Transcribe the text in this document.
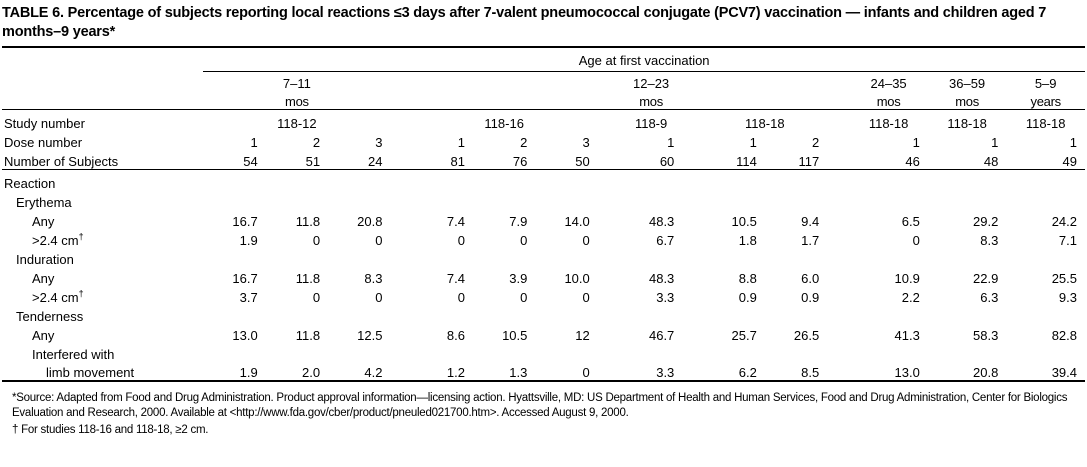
TABLE 6. Percentage of subjects reporting local reactions ≤3 days after 7-valent pneumococcal conjugate (PCV7) vaccination — infants and children aged 7 months–9 years*

	Age at first vaccination															

	7–11								12–23					24–35	36–59	5–9
	mos								mos					mos	mos	years

Study number	118-12				118-16				118-9		118-18			118-18	118-18	118-18
Dose number	1	2	3		1	2	3		1		1	2		1	1	1
Number of Subjects	54	51	24		81	76	50		60		114	117		46	48	49

Reaction																
Erythema																
Any	16.7	11.8	20.8		7.4	7.9	14.0		48.3		10.5	9.4		6.5	29.2	24.2
>2.4 cm†	1.9	0	0		0	0	0		6.7		1.8	1.7		0	8.3	7.1
Induration																
Any	16.7	11.8	8.3		7.4	3.9	10.0		48.3		8.8	6.0		10.9	22.9	25.5
>2.4 cm†	3.7	0	0		0	0	0		3.3		0.9	0.9		2.2	6.3	9.3
Tenderness																
Any	13.0	11.8	12.5		8.6	10.5	12		46.7		25.7	26.5		41.3	58.3	82.8
Interfered with																
limb movement	1.9	2.0	4.2		1.2	1.3	0		3.3		6.2	8.5		13.0	20.8	39.4

*Source: Adapted from Food and Drug Administration. Product approval information—licensing action. Hyattsville, MD: US Department of Health and Human Services, Food and Drug Administration, Center for Biologics Evaluation and Research, 2000. Available at <http://www.fda.gov/cber/product/pneuled021700.htm>. Accessed August 9, 2000.

† For studies 118-16 and 118-18, ≥2 cm.
